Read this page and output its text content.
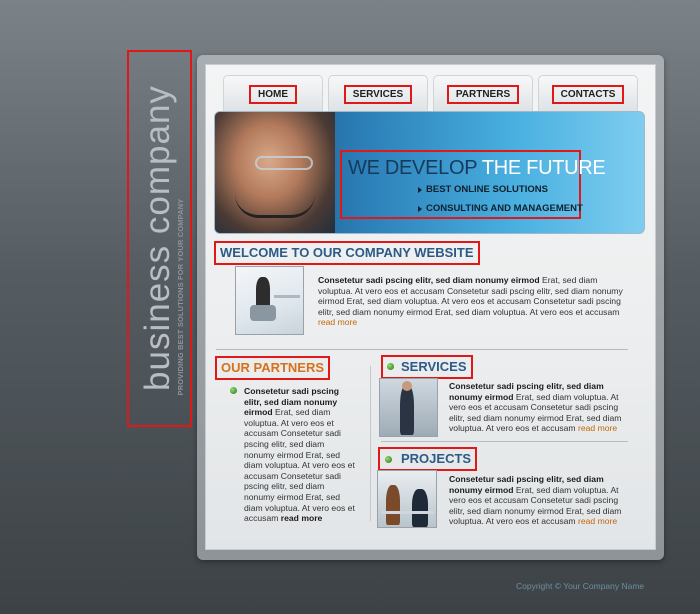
business company PROVIDING BEST SOLUTIONS FOR YOUR COMPANY
HOME	SERVICES	PARTNERS	CONTACTS
WE DEVELOP THE FUTURE
BEST ONLINE SOLUTIONS
CONSULTING AND MANAGEMENT
WELCOME TO OUR COMPANY WEBSITE
Consetetur sadi pscing elitr, sed diam nonumy eirmod Erat, sed diam voluptua. At vero eos et accusam Consetetur sadi pscing elitr, sed diam nonumy eirmod Erat, sed diam voluptua. At vero eos et accusam Consetetur sadi pscing elitr, sed diam nonumy eirmod Erat, sed diam voluptua. At vero eos et accusam read more
OUR PARTNERS
Consetetur sadi pscing elitr, sed diam nonumy eirmod Erat, sed diam voluptua. At vero eos et accusam Consetetur sadi pscing elitr, sed diam nonumy eirmod Erat, sed diam voluptua. At vero eos et accusam Consetetur sadi pscing elitr, sed diam nonumy eirmod Erat, sed diam voluptua. At vero eos et accusam read more
SERVICES
Consetetur sadi pscing elitr, sed diam nonumy eirmod Erat, sed diam voluptua. At vero eos et accusam Consetetur sadi pscing elitr, sed diam nonumy eirmod Erat, sed diam voluptua. At vero eos et accusam read more
PROJECTS
Consetetur sadi pscing elitr, sed diam nonumy eirmod Erat, sed diam voluptua. At vero eos et accusam Consetetur sadi pscing elitr, sed diam nonumy eirmod Erat, sed diam voluptua. At vero eos et accusam read more
Copyright © Your Company Name
